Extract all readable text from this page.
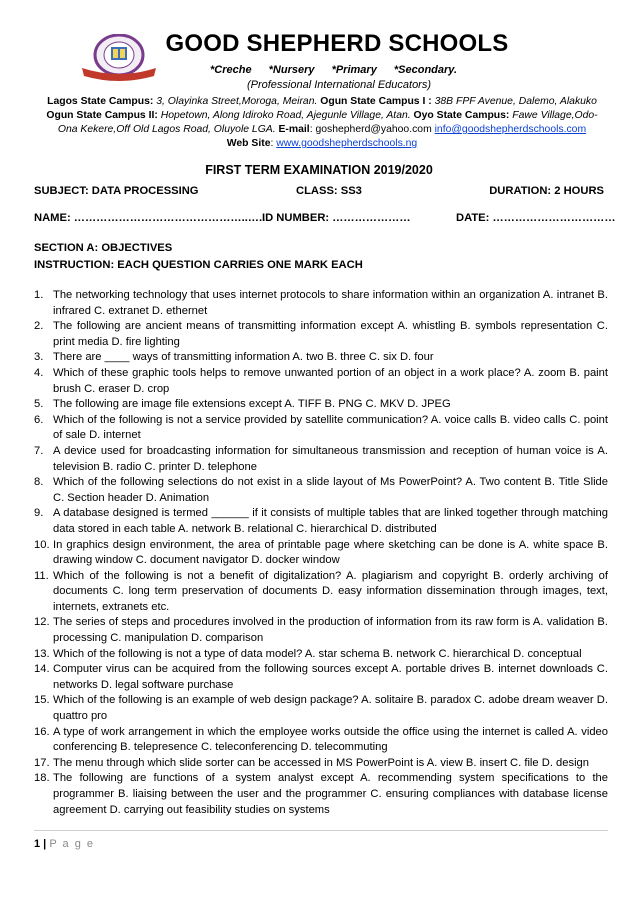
GOOD SHEPHERD SCHOOLS
*Creche *Nursery *Primary *Secondary.
(Professional International Educators)
Lagos State Campus: 3, Olayinka Street,Moroga, Meiran. Ogun State Campus I : 38B FPF Avenue, Dalemo, Alakuko
Ogun State Campus II: Hopetown, Along Idiroko Road, Ajegunle Village, Atan. Oyo State Campus: Fawe Village,Odo-
Ona Kekere,Off Old Lagos Road, Oluyole LGA. E-mail: goshepherd@yahoo.com info@goodshepherdschools.com
Web Site: www.goodshepherdschools.ng
FIRST TERM EXAMINATION 2019/2020
SUBJECT: DATA PROCESSING	CLASS: SS3	DURATION: 2 HOURS
NAME: ………………………………………..…..
ID NUMBER: …………………	DATE: ……………………………
SECTION A: OBJECTIVES
INSTRUCTION: EACH QUESTION CARRIES ONE MARK EACH
1. The networking technology that uses internet protocols to share information within an organization A. intranet B. infrared C. extranet D. ethernet
2. The following are ancient means of transmitting information except A. whistling B. symbols representation C. print media D. fire lighting
3. There are ____ ways of transmitting information A. two B. three C. six D. four
4. Which of these graphic tools helps to remove unwanted portion of an object in a work place? A. zoom B. paint brush C. eraser D. crop
5. The following are image file extensions except A. TIFF B. PNG C. MKV D. JPEG
6. Which of the following is not a service provided by satellite communication? A. voice calls B. video calls C. point of sale D. internet
7. A device used for broadcasting information for simultaneous transmission and reception of human voice is A. television B. radio C. printer D. telephone
8. Which of the following selections do not exist in a slide layout of Ms PowerPoint? A. Two content B. Title Slide C. Section header D. Animation
9. A database designed is termed ______ if it consists of multiple tables that are linked together through matching data stored in each table A. network B. relational C. hierarchical D. distributed
10. In graphics design environment, the area of printable page where sketching can be done is A. white space B. drawing window C. document navigator D. docker window
11. Which of the following is not a benefit of digitalization? A. plagiarism and copyright B. orderly archiving of documents C. long term preservation of documents D. easy information dissemination through images, text, internets, extranets etc.
12. The series of steps and procedures involved in the production of information from its raw form is A. validation B. processing C. manipulation D. comparison
13. Which of the following is not a type of data model? A. star schema B. network C. hierarchical D. conceptual
14. Computer virus can be acquired from the following sources except A. portable drives B. internet downloads C. networks D. legal software purchase
15. Which of the following is an example of web design package? A. solitaire B. paradox C. adobe dream weaver D. quattro pro
16. A type of work arrangement in which the employee works outside the office using the internet is called A. video conferencing B. telepresence C. teleconferencing D. telecommuting
17. The menu through which slide sorter can be accessed in MS PowerPoint is A. view B. insert C. file D. design
18. The following are functions of a system analyst except A. recommending system specifications to the programmer B. liaising between the user and the programmer C. ensuring compliances with database license agreement D. carrying out feasibility studies on systems
1 | P a g e
